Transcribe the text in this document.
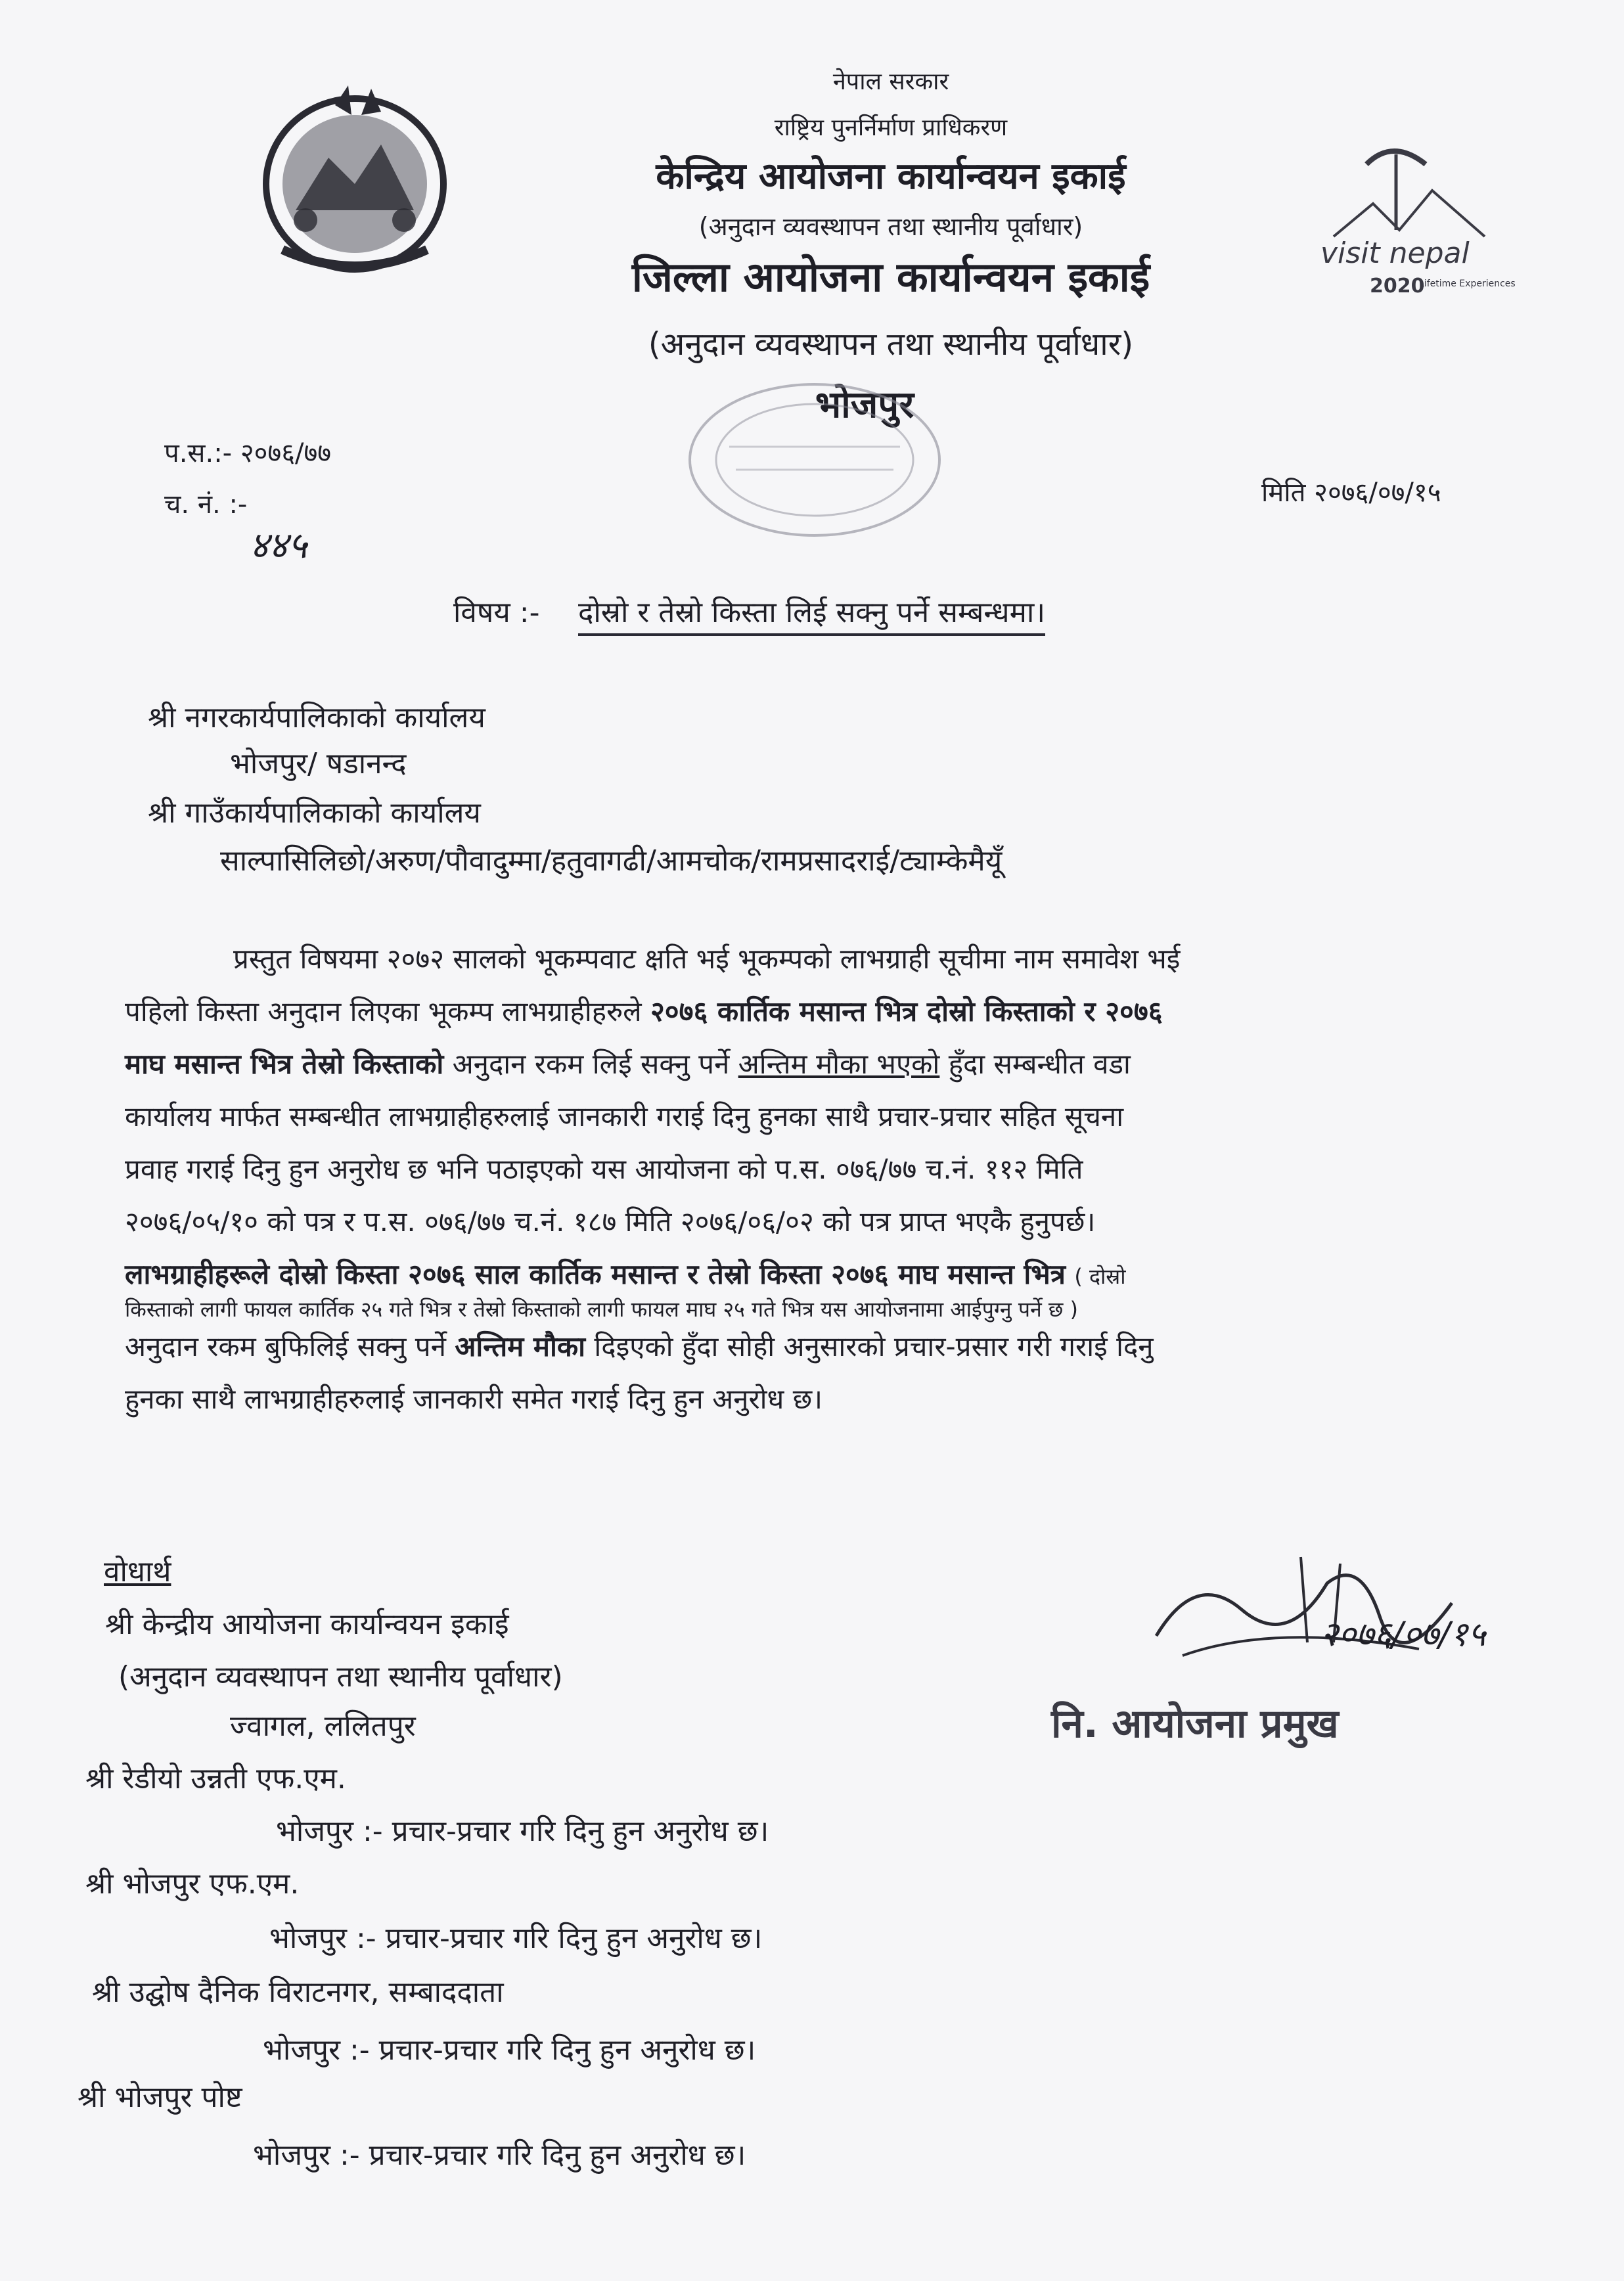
नेपाल सरकार
राष्ट्रिय पुनर्निर्माण प्राधिकरण
केन्द्रिय आयोजना कार्यान्वयन इकाई
(अनुदान व्यवस्थापन तथा स्थानीय पूर्वाधार)
जिल्ला आयोजना कार्यान्वयन इकाई
(अनुदान व्यवस्थापन तथा स्थानीय पूर्वाधार)
भोजपुर
visit nepal
2020
Lifetime Experiences
प.स.:- २०७६/७७
च. नं. :-
४४५
मिति २०७६/०७/१५
विषय :- दोस्रो र तेस्रो किस्ता लिई सक्नु पर्ने सम्बन्धमा।
श्री नगरकार्यपालिकाको कार्यालय
भोजपुर/ षडानन्द
श्री गाउँकार्यपालिकाको कार्यालय
साल्पासिलिछो/अरुण/पौवादुम्मा/हतुवागढी/आमचोक/रामप्रसादराई/ट्याम्केमैयूँ
प्रस्तुत विषयमा २०७२ सालको भूकम्पवाट क्षति भई भूकम्पको लाभग्राही सूचीमा नाम समावेश भई
पहिलो किस्ता अनुदान लिएका भूकम्प लाभग्राहीहरुले २०७६ कार्तिक मसान्त भित्र दोस्रो किस्ताको र २०७६
माघ मसान्त भित्र तेस्रो किस्ताको अनुदान रकम लिई सक्नु पर्ने अन्तिम मौका भएको हुँदा सम्बन्धीत वडा
कार्यालय मार्फत सम्बन्धीत लाभग्राहीहरुलाई जानकारी गराई दिनु हुनका साथै प्रचार-प्रचार सहित सूचना
प्रवाह गराई दिनु हुन अनुरोध छ भनि पठाइएको यस आयोजना को प.स. ०७६/७७ च.नं. ११२ मिति
२०७६/०५/१० को पत्र र प.स. ०७६/७७ च.नं. १८७ मिति २०७६/०६/०२ को पत्र प्राप्त भएकै हुनुपर्छ।
लाभग्राहीहरूले दोस्रो किस्ता २०७६ साल कार्तिक मसान्त र तेस्रो किस्ता २०७६ माघ मसान्त भित्र ( दोस्रो
किस्ताको लागी फायल कार्तिक २५ गते भित्र र तेस्रो किस्ताको लागी फायल माघ २५ गते भित्र यस आयोजनामा आईपुग्नु पर्ने छ )
अनुदान रकम बुफिलिई सक्नु पर्ने अन्तिम मौका दिइएको हुँदा सोही अनुसारको प्रचार-प्रसार गरी गराई दिनु
हुनका साथै लाभग्राहीहरुलाई जानकारी समेत गराई दिनु हुन अनुरोध छ।
२०७६/०७/१५
नि. आयोजना प्रमुख
वोधार्थ
श्री केन्द्रीय आयोजना कार्यान्वयन इकाई
(अनुदान व्यवस्थापन तथा स्थानीय पूर्वाधार)
ज्वागल, ललितपुर
श्री रेडीयो उन्नती एफ.एम.
भोजपुर :- प्रचार-प्रचार गरि दिनु हुन अनुरोध छ।
श्री भोजपुर एफ.एम.
भोजपुर :- प्रचार-प्रचार गरि दिनु हुन अनुरोध छ।
श्री उद्घोष दैनिक विराटनगर, सम्बाददाता
भोजपुर :- प्रचार-प्रचार गरि दिनु हुन अनुरोध छ।
श्री भोजपुर पोष्ट
भोजपुर :- प्रचार-प्रचार गरि दिनु हुन अनुरोध छ।
